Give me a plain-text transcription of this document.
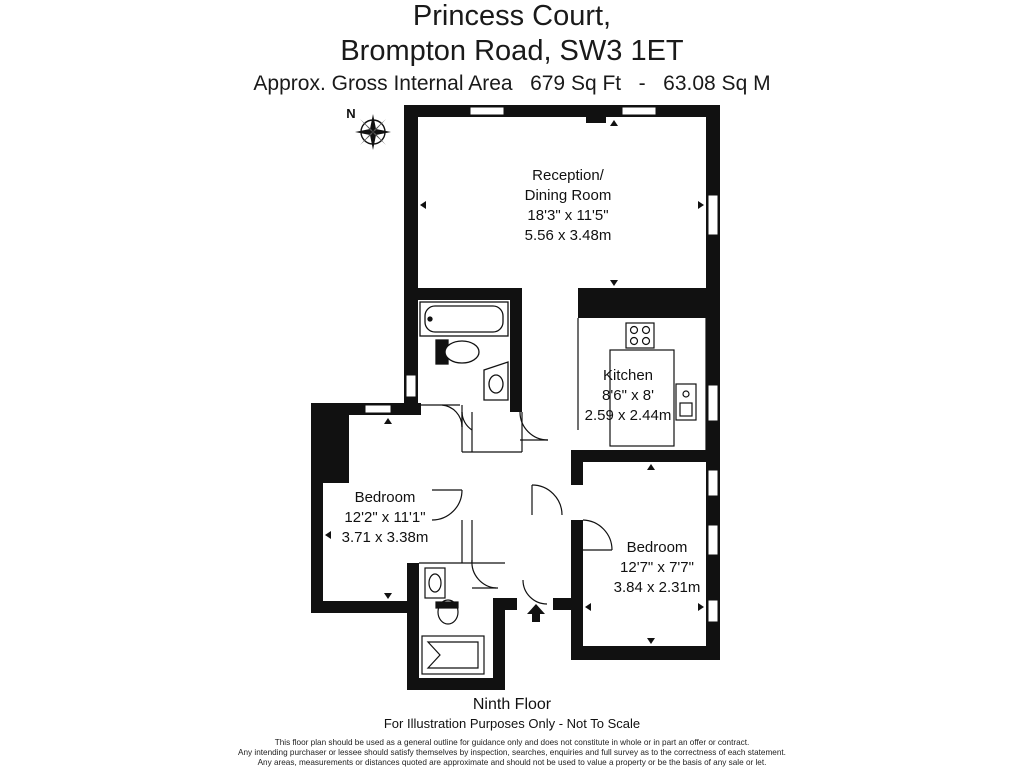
Princess Court,
Brompton Road, SW3 1ET
Approx. Gross Internal Area 679 Sq Ft - 63.08 Sq M
N
Reception/
Dining Room
18'3" x 11'5"
5.56 x 3.48m
Kitchen
8'6" x 8'
2.59 x 2.44m
Bedroom
12'2" x 11'1"
3.71 x 3.38m
Bedroom
12'7" x 7'7"
3.84 x 2.31m
Ninth Floor
For Illustration Purposes Only - Not To Scale
This floor plan should be used as a general outline for guidance only and does not constitute in whole or in part an offer or contract.
Any intending purchaser or lessee should satisfy themselves by inspection, searches, enquiries and full survey as to the correctness of each statement.
Any areas, measurements or distances quoted are approximate and should not be used to value a property or be the basis of any sale or let.
